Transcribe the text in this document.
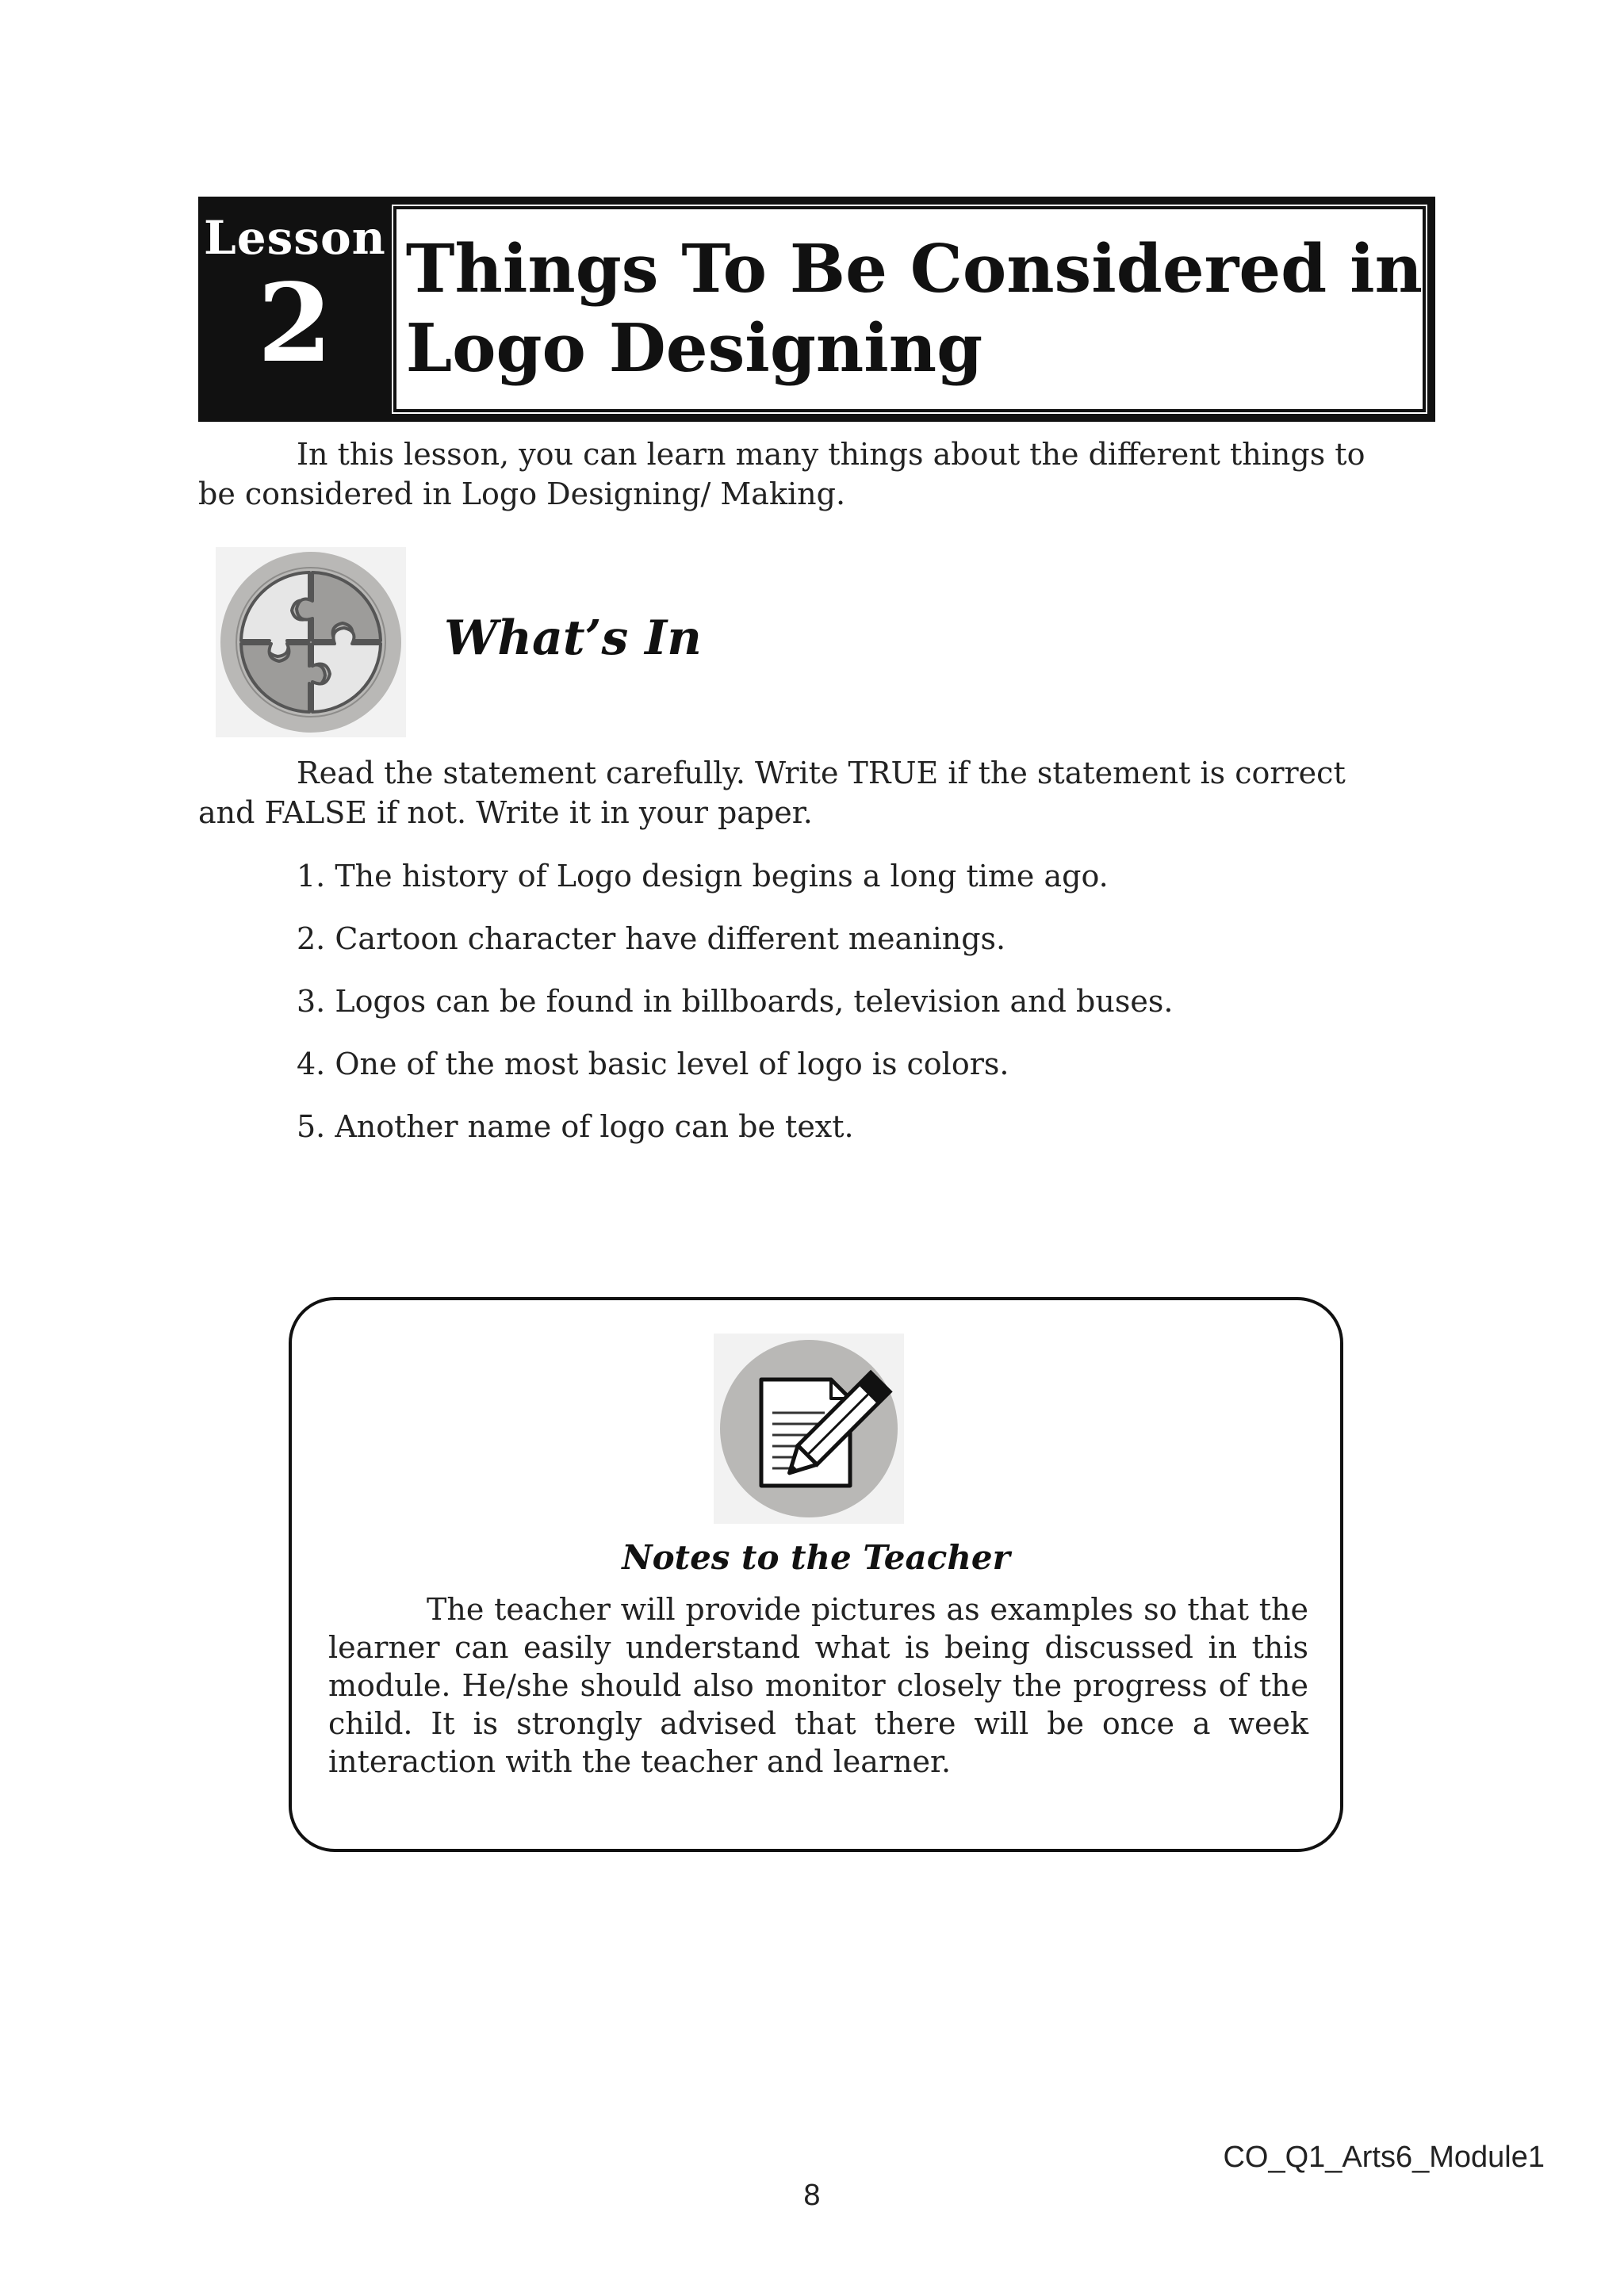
Lesson
2 Things To Be Considered in
Logo Designing
In this lesson, you can learn many things about the different things to be considered in Logo Designing/ Making.
What’s In
Read the statement carefully. Write TRUE if the statement is correct and FALSE if not. Write it in your paper.
1. The history of Logo design begins a long time ago.
2. Cartoon character have different meanings.
3. Logos can be found in billboards, television and buses.
4. One of the most basic level of logo is colors.
5. Another name of logo can be text.
Notes to the Teacher
The teacher will provide pictures as examples so that the learner can easily understand what is being discussed in this module. He/she should also monitor closely the progress of the child. It is strongly advised that there will be once a week interaction with the teacher and learner.
CO_Q1_Arts6_Module1
8
